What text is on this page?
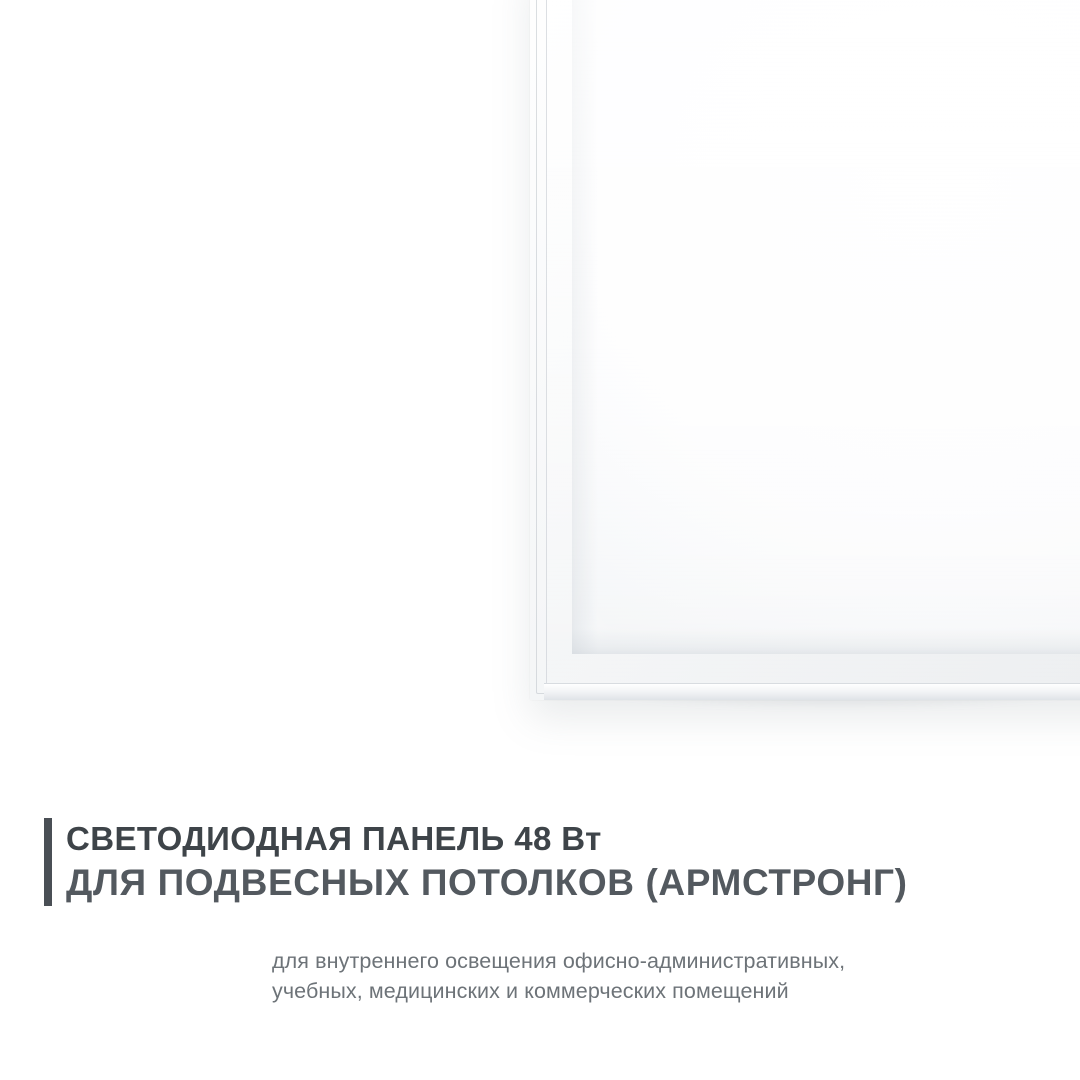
СВЕТОДИОДНАЯ ПАНЕЛЬ 48 Вт
ДЛЯ ПОДВЕСНЫХ ПОТОЛКОВ (АРМСТРОНГ)
для внутреннего освещения офисно-административных,
учебных, медицинских и коммерческих помещений
